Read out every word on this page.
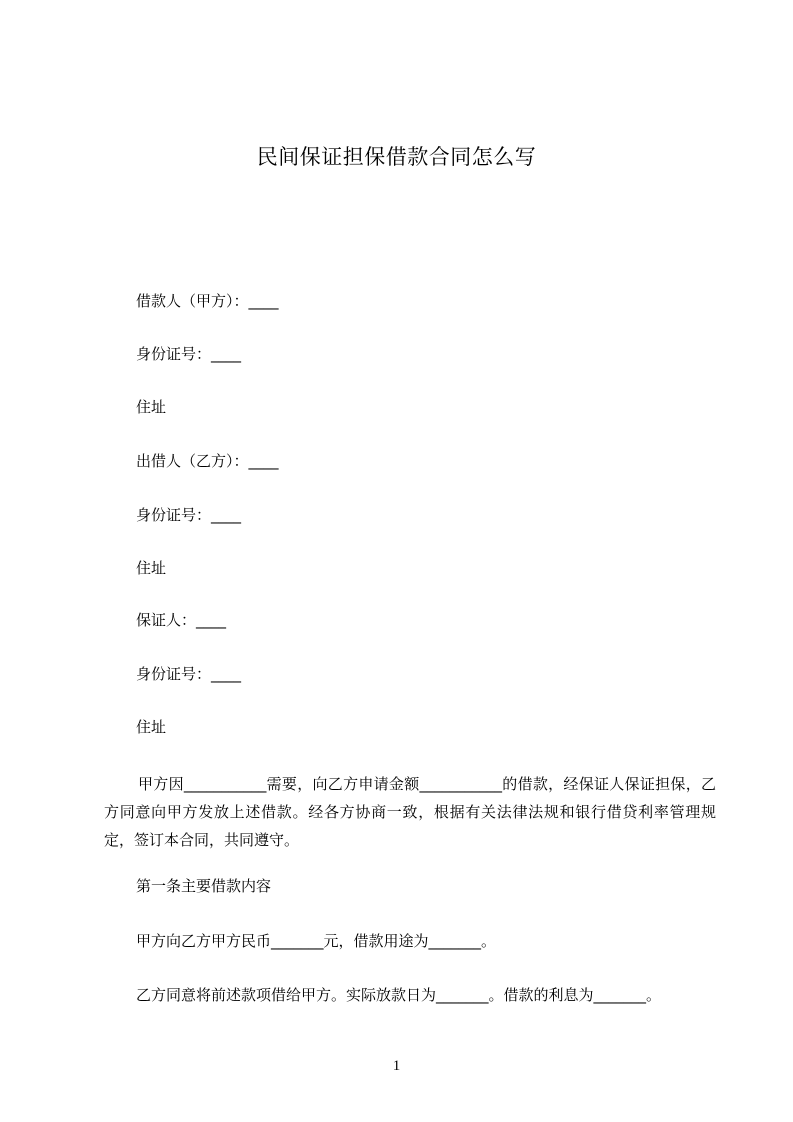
民间保证担保借款合同怎么写
借款人（甲方）：____
身份证号：____
住址
出借人（乙方）：____
身份证号：____
住址
保证人：____
身份证号：____
住址
甲方因___________需要，向乙方申请金额___________的借款，经保证人保证担保，乙方同意向甲方发放上述借款。经各方协商一致，根据有关法律法规和银行借贷利率管理规定，签订本合同，共同遵守。
第一条主要借款内容
甲方向乙方甲方民币_______元，借款用途为_______。
乙方同意将前述款项借给甲方。实际放款日为_______。借款的利息为_______。
1
